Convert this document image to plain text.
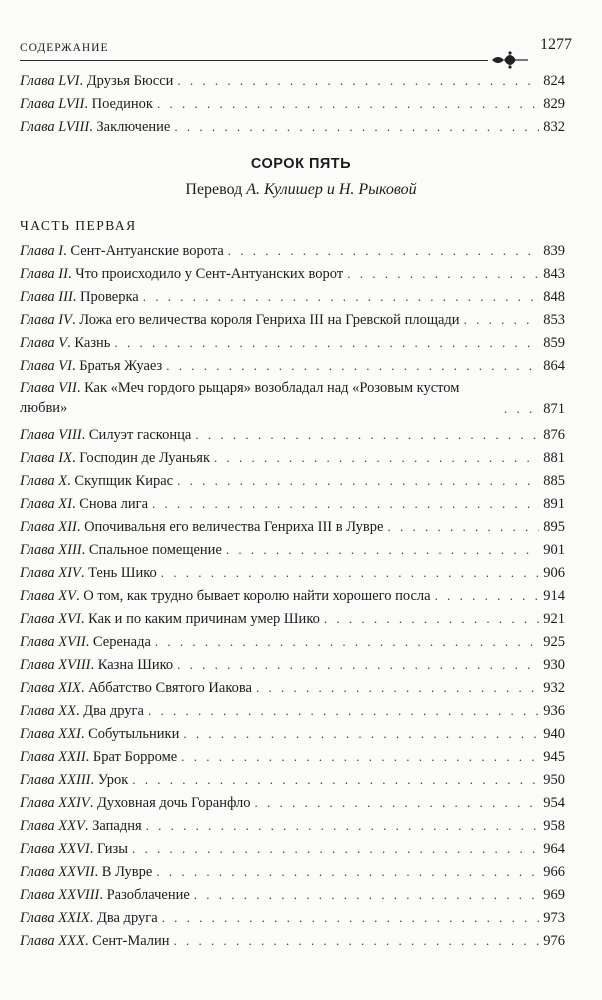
СОДЕРЖАНИЕ	1277
Глава LVI. Друзья Бюсси . . .	824
Глава LVII. Поединок . . .	829
Глава LVIII. Заключение . . .	832
СОРОК ПЯТЬ
Перевод А. Кулишер и Н. Рыковой
ЧАСТЬ ПЕРВАЯ
Глава I. Сент-Антуанские ворота . . .	839
Глава II. Что происходило у Сент-Антуанских ворот . . .	843
Глава III. Проверка . . .	848
Глава IV. Ложа его величества короля Генриха III на Гревской площади . . .	853
Глава V. Казнь . . .	859
Глава VI. Братья Жуаез . . .	864
Глава VII. Как «Меч гордого рыцаря» возобладал над «Розовым кустом любви» . . .	871
Глава VIII. Силуэт гасконца . . .	876
Глава IX. Господин де Луаньяк . . .	881
Глава X. Скупщик Кирас . . .	885
Глава XI. Снова лига . . .	891
Глава XII. Опочивальня его величества Генриха III в Лувре . . .	895
Глава XIII. Спальное помещение . . .	901
Глава XIV. Тень Шико . . .	906
Глава XV. О том, как трудно бывает королю найти хорошего посла . . .	914
Глава XVI. Как и по каким причинам умер Шико . . .	921
Глава XVII. Серенада . . .	925
Глава XVIII. Казна Шико . . .	930
Глава XIX. Аббатство Святого Иакова . . .	932
Глава XX. Два друга . . .	936
Глава XXI. Собутыльники . . .	940
Глава XXII. Брат Борроме . . .	945
Глава XXIII. Урок . . .	950
Глава XXIV. Духовная дочь Горанфло . . .	954
Глава XXV. Западня . . .	958
Глава XXVI. Гизы . . .	964
Глава XXVII. В Лувре . . .	966
Глава XXVIII. Разоблачение . . .	969
Глава XXIX. Два друга . . .	973
Глава XXX. Сент-Малин . . .	976
